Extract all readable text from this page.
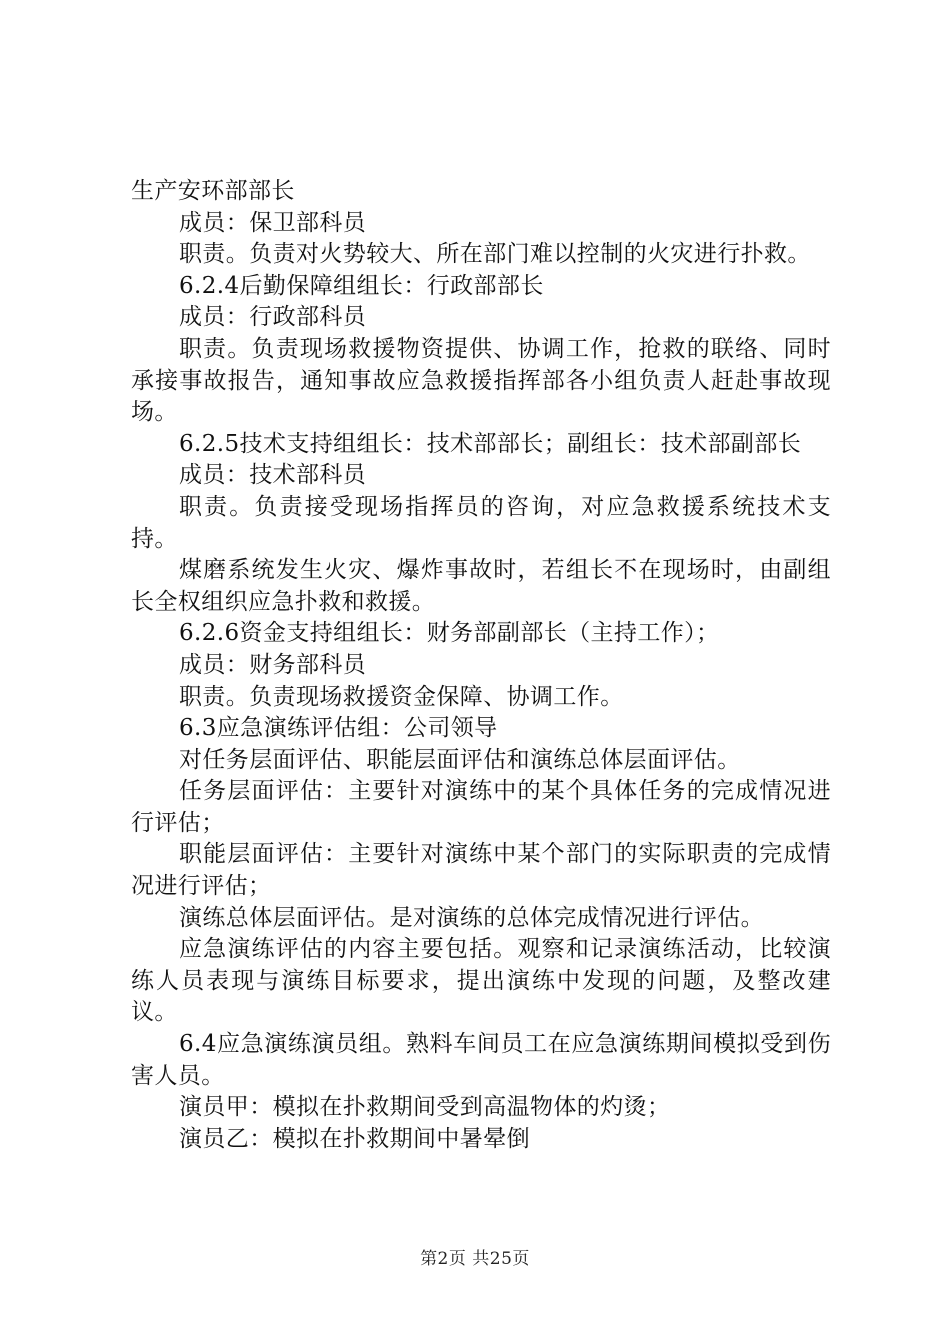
生产安环部部长

成员：保卫部科员

职责。负责对火势较大、所在部门难以控制的火灾进行扑救。

6.2.4后勤保障组组长：行政部部长

成员：行政部科员

职责。负责现场救援物资提供、协调工作，抢救的联络、同时承接事故报告，通知事故应急救援指挥部各小组负责人赶赴事故现场。

6.2.5技术支持组组长：技术部部长；副组长：技术部副部长

成员：技术部科员

职责。负责接受现场指挥员的咨询，对应急救援系统技术支持。

煤磨系统发生火灾、爆炸事故时，若组长不在现场时，由副组长全权组织应急扑救和救援。

6.2.6资金支持组组长：财务部副部长（主持工作）；

成员：财务部科员

职责。负责现场救援资金保障、协调工作。

6.3应急演练评估组：公司领导

对任务层面评估、职能层面评估和演练总体层面评估。

任务层面评估：主要针对演练中的某个具体任务的完成情况进行评估；

职能层面评估：主要针对演练中某个部门的实际职责的完成情况进行评估；

演练总体层面评估。是对演练的总体完成情况进行评估。

应急演练评估的内容主要包括。观察和记录演练活动，比较演练人员表现与演练目标要求，提出演练中发现的问题，及整改建议。

6.4应急演练演员组。熟料车间员工在应急演练期间模拟受到伤害人员。

演员甲：模拟在扑救期间受到高温物体的灼烫；

演员乙：模拟在扑救期间中暑晕倒

第2页 共25页
